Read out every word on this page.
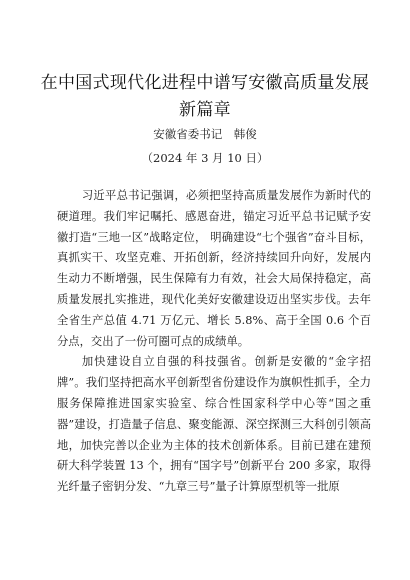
在中国式现代化进程中谱写安徽高质量发展新篇章
安徽省委书记　韩俊
（2024 年 3 月 10 日）

习近平总书记强调，必须把坚持高质量发展作为新时代的硬道理。我们牢记嘱托、感恩奋进，锚定习近平总书记赋予安徽打造“三地一区”战略定位， 明确建设“七个强省”奋斗目标，真抓实干、攻坚克难、开拓创新，经济持续回升向好，发展内生动力不断增强，民生保障有力有效，社会大局保持稳定，高质量发展扎实推进，现代化美好安徽建设迈出坚实步伐。去年全省生产总值 4.71 万亿元、增长 5.8%、高于全国 0.6 个百分点，交出了一份可圈可点的成绩单。

加快建设自立自强的科技强省。创新是安徽的“金字招牌”。我们坚持把高水平创新型省份建设作为旗帜性抓手，全力服务保障推进国家实验室、综合性国家科学中心等“国之重器”建设，打造量子信息、聚变能源、深空探测三大科创引领高地，加快完善以企业为主体的技术创新体系。目前已建在建预研大科学装置 13 个，拥有“国字号”创新平台 200 多家，取得光纤量子密钥分发、“九章三号”量子计算原型机等一批原
